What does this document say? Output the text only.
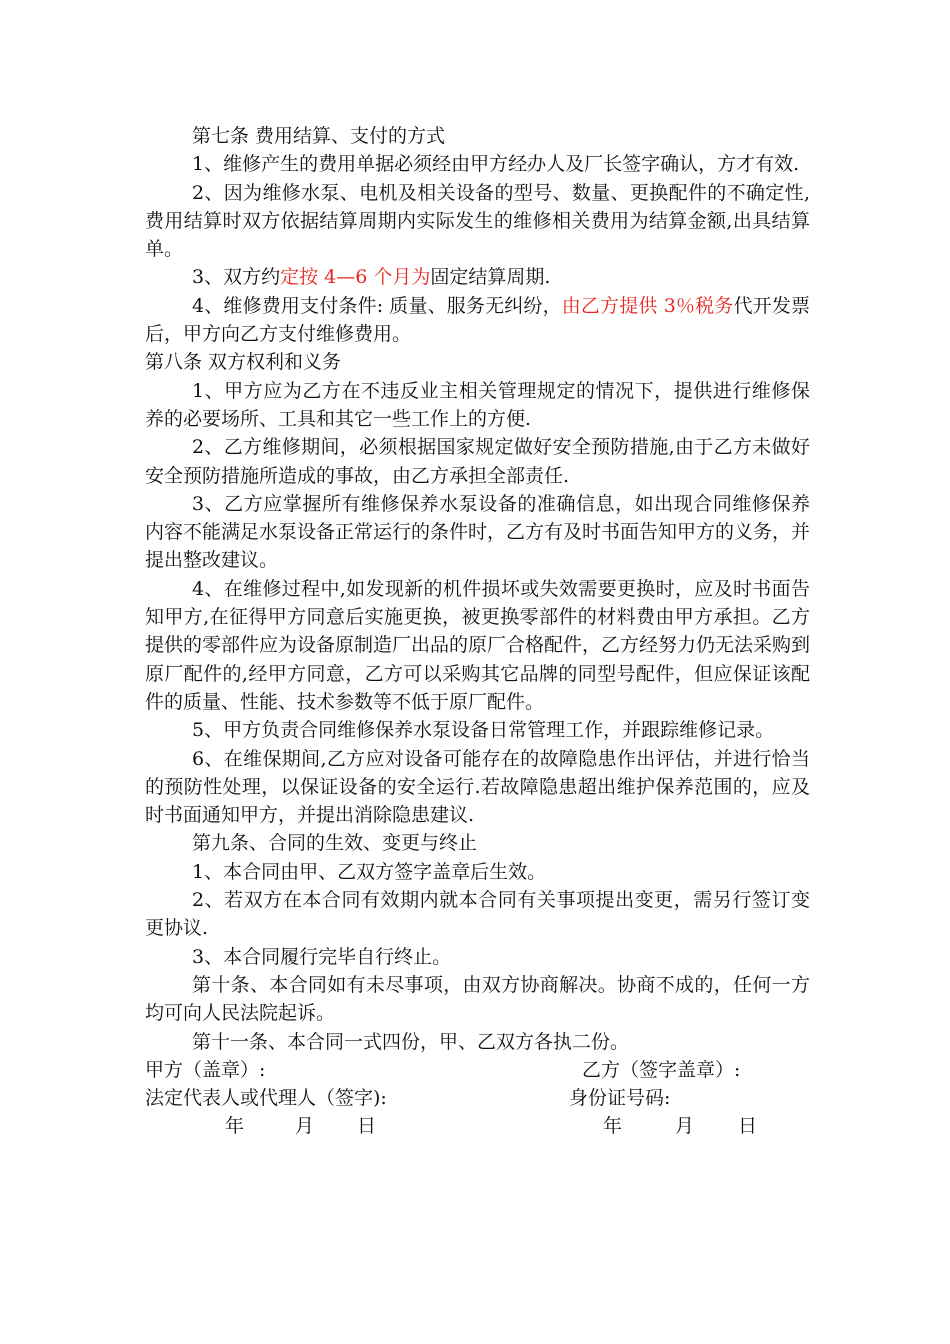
第七条 费用结算、支付的方式

1、维修产生的费用单据必须经由甲方经办人及厂长签字确认，方才有效.

2、因为维修水泵、电机及相关设备的型号、数量、更换配件的不确定性,费用结算时双方依据结算周期内实际发生的维修相关费用为结算金额,出具结算单。

3、双方约定按 4—6 个月为固定结算周期.

4、维修费用支付条件: 质量、服务无纠纷，由乙方提供 3％税务代开发票后，甲方向乙方支付维修费用。

第八条 双方权利和义务

1、甲方应为乙方在不违反业主相关管理规定的情况下，提供进行维修保养的必要场所、工具和其它一些工作上的方便.

2、乙方维修期间，必须根据国家规定做好安全预防措施,由于乙方未做好安全预防措施所造成的事故，由乙方承担全部责任.

3、乙方应掌握所有维修保养水泵设备的准确信息，如出现合同维修保养内容不能满足水泵设备正常运行的条件时，乙方有及时书面告知甲方的义务，并提出整改建议。

4、在维修过程中,如发现新的机件损坏或失效需要更换时，应及时书面告知甲方,在征得甲方同意后实施更换，被更换零部件的材料费由甲方承担。乙方提供的零部件应为设备原制造厂出品的原厂合格配件，乙方经努力仍无法采购到原厂配件的,经甲方同意，乙方可以采购其它品牌的同型号配件，但应保证该配件的质量、性能、技术参数等不低于原厂配件。

5、甲方负责合同维修保养水泵设备日常管理工作，并跟踪维修记录。

6、在维保期间,乙方应对设备可能存在的故障隐患作出评估，并进行恰当的预防性处理，以保证设备的安全运行.若故障隐患超出维护保养范围的，应及时书面通知甲方，并提出消除隐患建议.

第九条、合同的生效、变更与终止

1、本合同由甲、乙双方签字盖章后生效。

2、若双方在本合同有效期内就本合同有关事项提出变更，需另行签订变更协议.

3、本合同履行完毕自行终止。

第十条、本合同如有未尽事项，由双方协商解决。协商不成的，任何一方均可向人民法院起诉。

第十一条、本合同一式四份，甲、乙双方各执二份。

甲方（盖章）:	乙方（签字盖章）:
法定代表人或代理人（签字):	身份证号码:
年	月 日	年	月 日
